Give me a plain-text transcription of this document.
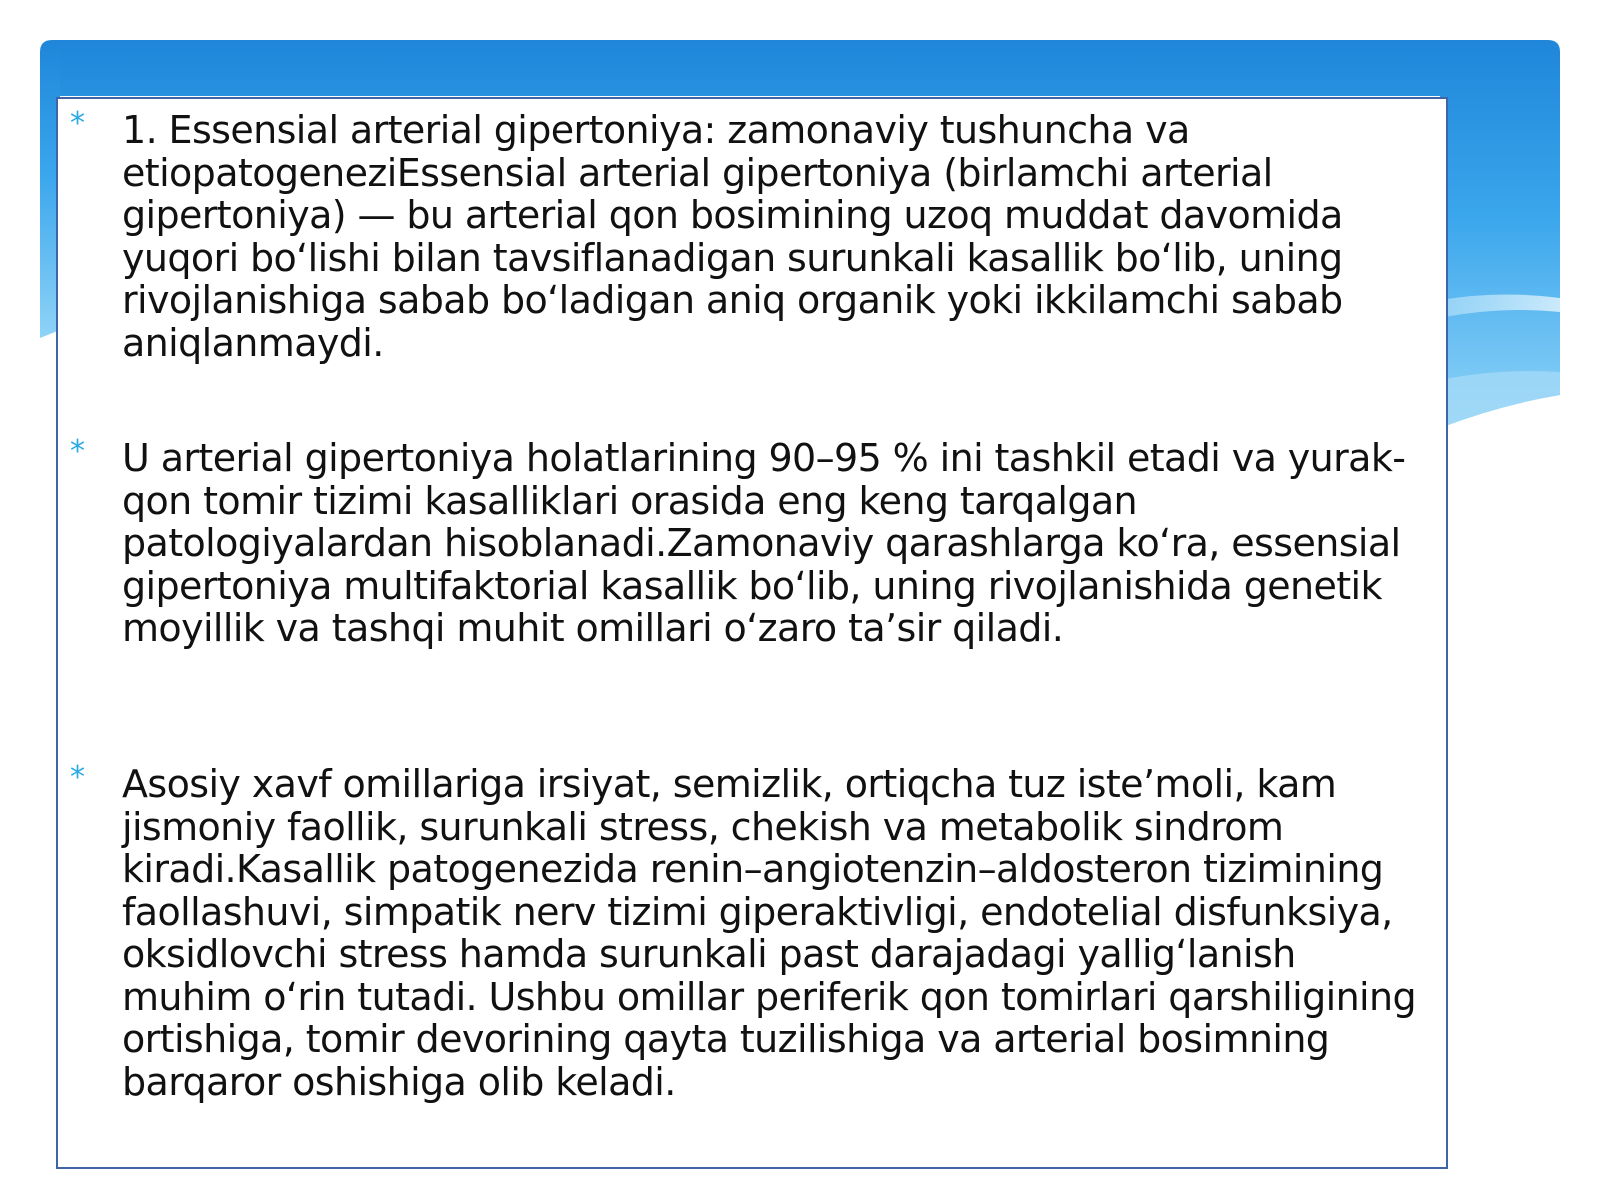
* 1. Essensial arterial gipertoniya: zamonaviy tushuncha va etiopatogeneziEssensial arterial gipertoniya (birlamchi arterial gipertoniya) — bu arterial qon bosimining uzoq muddat davomida yuqori boʻlishi bilan tavsiflanadigan surunkali kasallik boʻlib, uning rivojlanishiga sabab boʻladigan aniq organik yoki ikkilamchi sabab aniqlanmaydi.

* U arterial gipertoniya holatlarining 90–95 % ini tashkil etadi va yurak-qon tomir tizimi kasalliklari orasida eng keng tarqalgan patologiyalardan hisoblanadi.Zamonaviy qarashlarga koʻra, essensial gipertoniya multifaktorial kasallik boʻlib, uning rivojlanishida genetik moyillik va tashqi muhit omillari oʻzaro taʼsir qiladi.

* Asosiy xavf omillariga irsiyat, semizlik, ortiqcha tuz isteʼmoli, kam jismoniy faollik, surunkali stress, chekish va metabolik sindrom kiradi.Kasallik patogenezida renin–angiotenzin–aldosteron tizimining faollashuvi, simpatik nerv tizimi giperaktivligi, endotelial disfunksiya, oksidlovchi stress hamda surunkali past darajadagi yalligʻlanish muhim oʻrin tutadi. Ushbu omillar periferik qon tomirlari qarshiligining ortishiga, tomir devorining qayta tuzilishiga va arterial bosimning barqaror oshishiga olib keladi.
